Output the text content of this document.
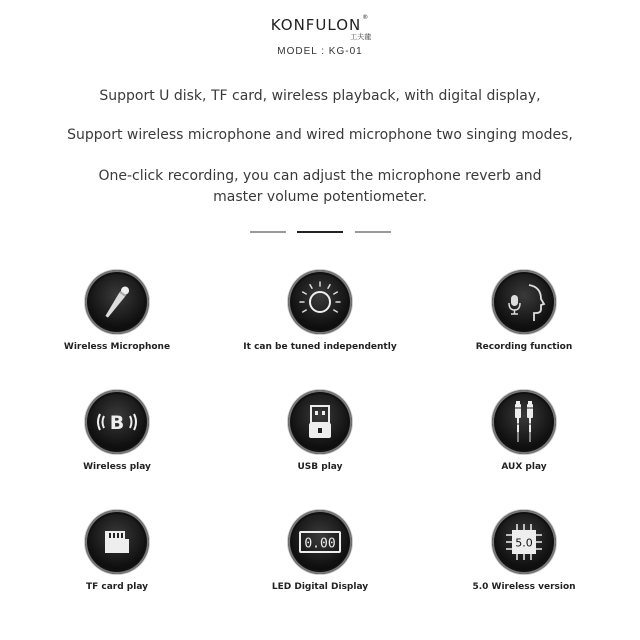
KONFULON®
工夫龍
MODEL : KG-01
Support U disk, TF card, wireless playback, with digital display,
Support wireless microphone and wired microphone two singing modes,
One-click recording, you can adjust the microphone reverb and
master volume potentiometer.
Wireless Microphone	It can be tuned independently	Recording function
B
Wireless play	USB play	AUX play
TF card play
0.00
LED Digital Display
5.0
5.0 Wireless version
